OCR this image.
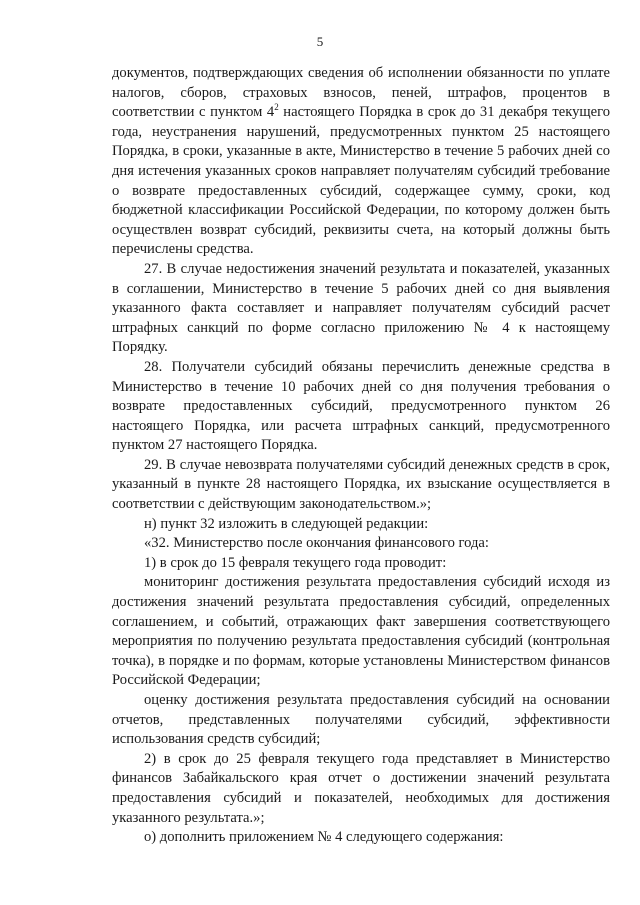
5

документов, подтверждающих сведения об исполнении обязанности по уплате налогов, сборов, страховых взносов, пеней, штрафов, процентов в соответствии с пунктом $4^2$ настоящего Порядка в срок до 31 декабря текущего года, неустранения нарушений, предусмотренных пунктом 25 настоящего Порядка, в сроки, указанные в акте, Министерство в течение 5 рабочих дней со дня истечения указанных сроков направляет получателям субсидий требование о возврате предоставленных субсидий, содержащее сумму, сроки, код бюджетной классификации Российской Федерации, по которому должен быть осуществлен возврат субсидий, реквизиты счета, на который должны быть перечислены средства.

27. В случае недостижения значений результата и показателей, указанных в соглашении, Министерство в течение 5 рабочих дней со дня выявления указанного факта составляет и направляет получателям субсидий расчет штрафных санкций по форме согласно приложению № 4 к настоящему Порядку.

28. Получатели субсидий обязаны перечислить денежные средства в Министерство в течение 10 рабочих дней со дня получения требования о возврате предоставленных субсидий, предусмотренного пунктом 26 настоящего Порядка, или расчета штрафных санкций, предусмотренного пунктом 27 настоящего Порядка.

29. В случае невозврата получателями субсидий денежных средств в срок, указанный в пункте 28 настоящего Порядка, их взыскание осуществляется в соответствии с действующим законодательством.»;

н) пункт 32 изложить в следующей редакции:

«32. Министерство после окончания финансового года:

1) в срок до 15 февраля текущего года проводит:

мониторинг достижения результата предоставления субсидий исходя из достижения значений результата предоставления субсидий, определенных соглашением, и событий, отражающих факт завершения соответствующего мероприятия по получению результата предоставления субсидий (контрольная точка), в порядке и по формам, которые установлены Министерством финансов Российской Федерации;

оценку достижения результата предоставления субсидий на основании отчетов, представленных получателями субсидий, эффективности использования средств субсидий;

2) в срок до 25 февраля текущего года представляет в Министерство финансов Забайкальского края отчет о достижении значений результата предоставления субсидий и показателей, необходимых для достижения указанного результата.»;

о) дополнить приложением № 4 следующего содержания:
